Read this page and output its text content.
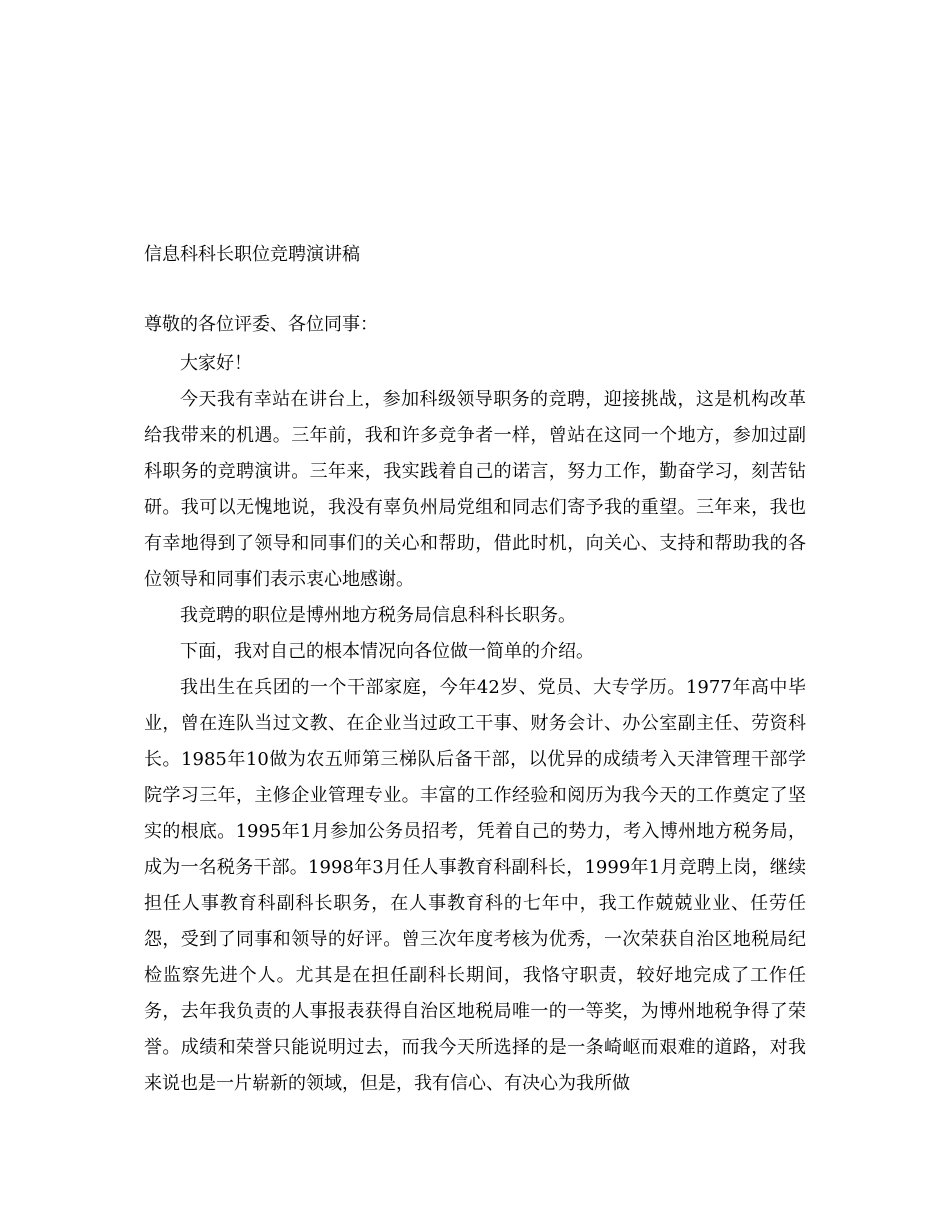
信息科科长职位竞聘演讲稿

尊敬的各位评委、各位同事：

大家好！

今天我有幸站在讲台上，参加科级领导职务的竞聘，迎接挑战，这是机构改革给我带来的机遇。三年前，我和许多竞争者一样，曾站在这同一个地方，参加过副科职务的竞聘演讲。三年来，我实践着自己的诺言，努力工作，勤奋学习，刻苦钻研。我可以无愧地说，我没有辜负州局党组和同志们寄予我的重望。三年来，我也有幸地得到了领导和同事们的关心和帮助，借此时机，向关心、支持和帮助我的各位领导和同事们表示衷心地感谢。

我竞聘的职位是博州地方税务局信息科科长职务。

下面，我对自己的根本情况向各位做一简单的介绍。

我出生在兵团的一个干部家庭，今年42岁、党员、大专学历。1977年高中毕业，曾在连队当过文教、在企业当过政工干事、财务会计、办公室副主任、劳资科长。1985年10做为农五师第三梯队后备干部，以优异的成绩考入天津管理干部学院学习三年，主修企业管理专业。丰富的工作经验和阅历为我今天的工作奠定了坚实的根底。1995年1月参加公务员招考，凭着自己的势力，考入博州地方税务局，成为一名税务干部。1998年3月任人事教育科副科长，1999年1月竞聘上岗，继续担任人事教育科副科长职务，在人事教育科的七年中，我工作兢兢业业、任劳任怨，受到了同事和领导的好评。曾三次年度考核为优秀，一次荣获自治区地税局纪检监察先进个人。尤其是在担任副科长期间，我恪守职责，较好地完成了工作任务，去年我负责的人事报表获得自治区地税局唯一的一等奖，为博州地税争得了荣誉。成绩和荣誉只能说明过去，而我今天所选择的是一条崎岖而艰难的道路，对我来说也是一片崭新的领域，但是，我有信心、有决心为我所做
